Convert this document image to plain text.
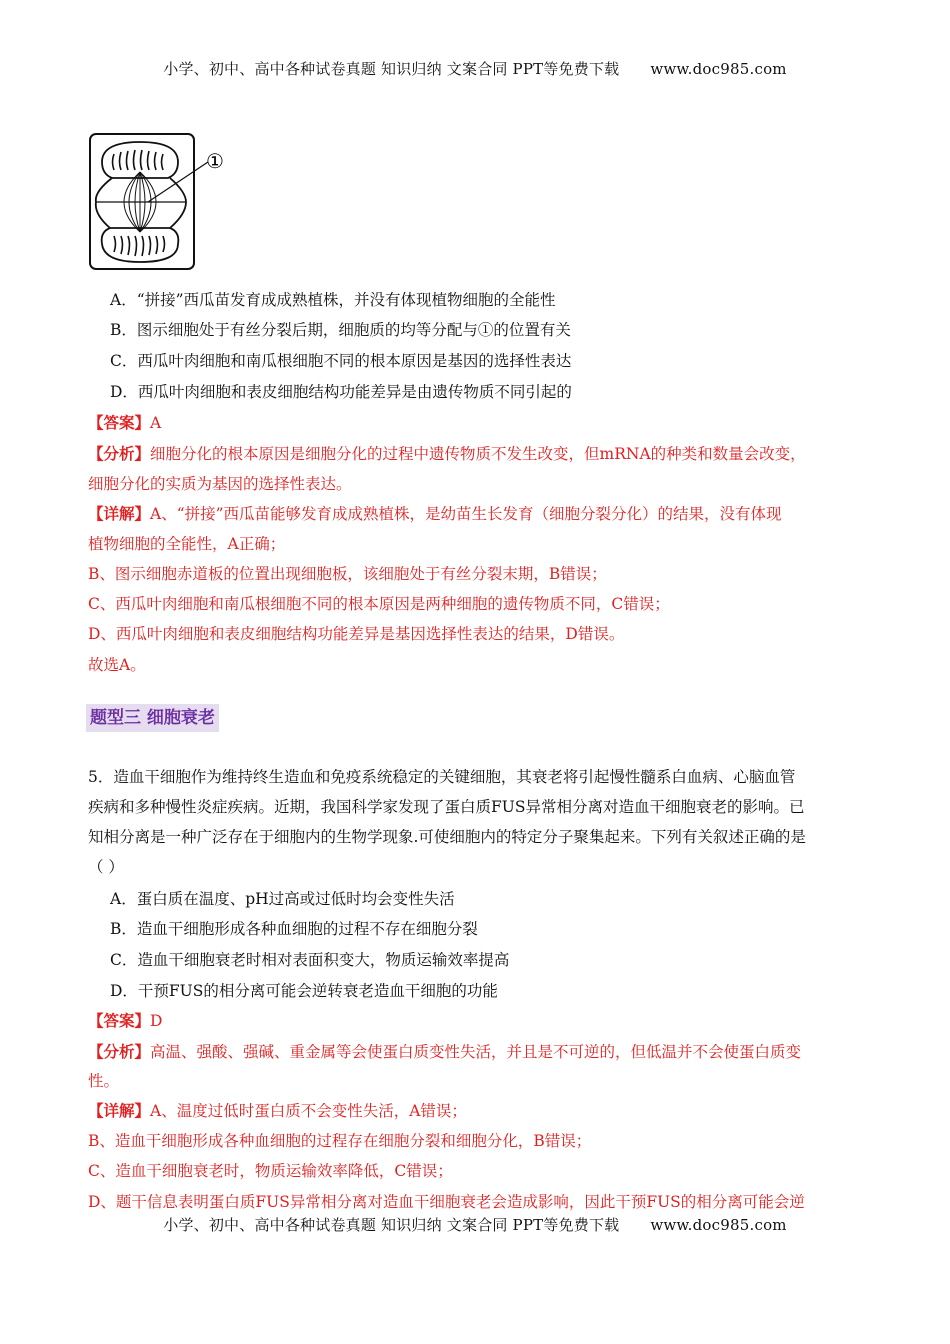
小学、初中、高中各种试卷真题 知识归纳 文案合同 PPT等免费下载 www.doc985.com
①
A．“拼接”西瓜苗发育成成熟植株，并没有体现植物细胞的全能性
B．图示细胞处于有丝分裂后期，细胞质的均等分配与①的位置有关
C．西瓜叶肉细胞和南瓜根细胞不同的根本原因是基因的选择性表达
D．西瓜叶肉细胞和表皮细胞结构功能差异是由遗传物质不同引起的
【答案】A
【分析】细胞分化的根本原因是细胞分化的过程中遗传物质不发生改变，但mRNA的种类和数量会改变，
细胞分化的实质为基因的选择性表达。
【详解】A、“拼接”西瓜苗能够发育成成熟植株，是幼苗生长发育（细胞分裂分化）的结果，没有体现
植物细胞的全能性，A正确；
B、图示细胞赤道板的位置出现细胞板，该细胞处于有丝分裂末期，B错误；
C、西瓜叶肉细胞和南瓜根细胞不同的根本原因是两种细胞的遗传物质不同，C错误；
D、西瓜叶肉细胞和表皮细胞结构功能差异是基因选择性表达的结果，D错误。
故选A。
题型三 细胞衰老
5．造血干细胞作为维持终生造血和免疫系统稳定的关键细胞，其衰老将引起慢性髓系白血病、心脑血管
疾病和多种慢性炎症疾病。近期，我国科学家发现了蛋白质FUS异常相分离对造血干细胞衰老的影响。已
知相分离是一种广泛存在于细胞内的生物学现象.可使细胞内的特定分子聚集起来。下列有关叙述正确的是
（ ）
A．蛋白质在温度、pH过高或过低时均会变性失活
B．造血干细胞形成各种血细胞的过程不存在细胞分裂
C．造血干细胞衰老时相对表面积变大，物质运输效率提高
D．干预FUS的相分离可能会逆转衰老造血干细胞的功能
【答案】D
【分析】高温、强酸、强碱、重金属等会使蛋白质变性失活，并且是不可逆的，但低温并不会使蛋白质变
性。
【详解】A、温度过低时蛋白质不会变性失活，A错误；
B、造血干细胞形成各种血细胞的过程存在细胞分裂和细胞分化，B错误；
C、造血干细胞衰老时，物质运输效率降低，C错误；
D、题干信息表明蛋白质FUS异常相分离对造血干细胞衰老会造成影响，因此干预FUS的相分离可能会逆
小学、初中、高中各种试卷真题 知识归纳 文案合同 PPT等免费下载 www.doc985.com
